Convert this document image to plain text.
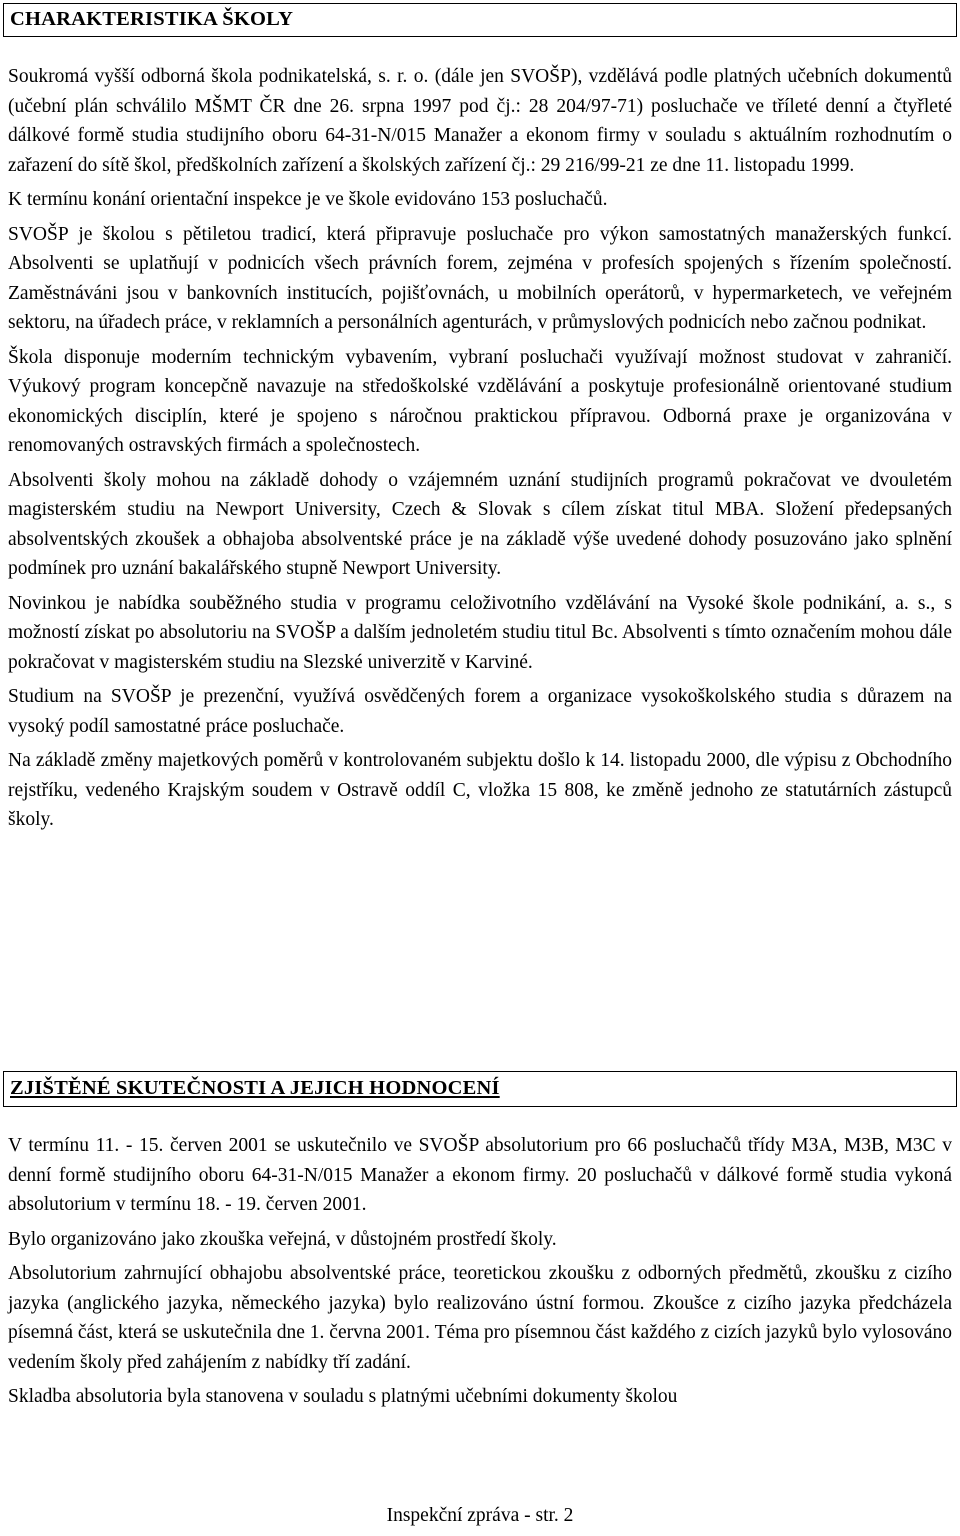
CHARAKTERISTIKA ŠKOLY

Soukromá vyšší odborná škola podnikatelská, s. r. o. (dále jen SVOŠP), vzdělává podle platných učebních dokumentů (učební plán schválilo MŠMT ČR dne 26. srpna 1997 pod čj.: 28 204/97-71) posluchače ve tříleté denní a čtyřleté dálkové formě studia studijního oboru 64-31-N/015 Manažer a ekonom firmy v souladu s aktuálním rozhodnutím o zařazení do sítě škol, předškolních zařízení a školských zařízení čj.: 29 216/99-21 ze dne 11. listopadu 1999.

K termínu konání orientační inspekce je ve škole evidováno 153 posluchačů.

SVOŠP je školou s pětiletou tradicí, která připravuje posluchače pro výkon samostatných manažerských funkcí. Absolventi se uplatňují v podnicích všech právních forem, zejména v profesích spojených s řízením společností. Zaměstnáváni jsou v bankovních institucích, pojišťovnách, u mobilních operátorů, v hypermarketech, ve veřejném sektoru, na úřadech práce, v reklamních a personálních agenturách, v průmyslových podnicích nebo začnou podnikat.

Škola disponuje moderním technickým vybavením, vybraní posluchači využívají možnost studovat v zahraničí. Výukový program koncepčně navazuje na středoškolské vzdělávání a poskytuje profesionálně orientované studium ekonomických disciplín, které je spojeno s náročnou praktickou přípravou. Odborná praxe je organizována v renomovaných ostravských firmách a společnostech.

Absolventi školy mohou na základě dohody o vzájemném uznání studijních programů pokračovat ve dvouletém magisterském studiu na Newport University, Czech & Slovak s cílem získat titul MBA. Složení předepsaných absolventských zkoušek a obhajoba absolventské práce je na základě výše uvedené dohody posuzováno jako splnění podmínek pro uznání bakalářského stupně Newport University.

Novinkou je nabídka souběžného studia v programu celoživotního vzdělávání na Vysoké škole podnikání, a. s., s možností získat po absolutoriu na SVOŠP a dalším jednoletém studiu titul Bc. Absolventi s tímto označením mohou dále pokračovat v magisterském studiu na Slezské univerzitě v Karviné.

Studium na SVOŠP je prezenční, využívá osvědčených forem a organizace vysokoškolského studia s důrazem na vysoký podíl samostatné práce posluchače.

Na základě změny majetkových poměrů v kontrolovaném subjektu došlo k 14. listopadu 2000, dle výpisu z Obchodního rejstříku, vedeného Krajským soudem v Ostravě oddíl C, vložka 15 808, ke změně jednoho ze statutárních zástupců školy.

ZJIŠTĚNÉ SKUTEČNOSTI A JEJICH HODNOCENÍ

V termínu 11. - 15. červen 2001 se uskutečnilo ve SVOŠP absolutorium pro 66 posluchačů třídy M3A, M3B, M3C v denní formě studijního oboru 64-31-N/015 Manažer a ekonom firmy. 20 posluchačů v dálkové formě studia vykoná absolutorium v termínu 18. - 19. červen 2001.

Bylo organizováno jako zkouška veřejná, v důstojném prostředí školy.

Absolutorium zahrnující obhajobu absolventské práce, teoretickou zkoušku z odborných předmětů, zkoušku z cizího jazyka (anglického jazyka, německého jazyka) bylo realizováno ústní formou. Zkoušce z cizího jazyka předcházela písemná část, která se uskutečnila dne 1. června 2001. Téma pro písemnou část každého z cizích jazyků bylo vylosováno vedením školy před zahájením z nabídky tří zadání.

Skladba absolutoria byla stanovena v souladu s platnými učebními dokumenty školou

Inspekční zpráva - str. 2
